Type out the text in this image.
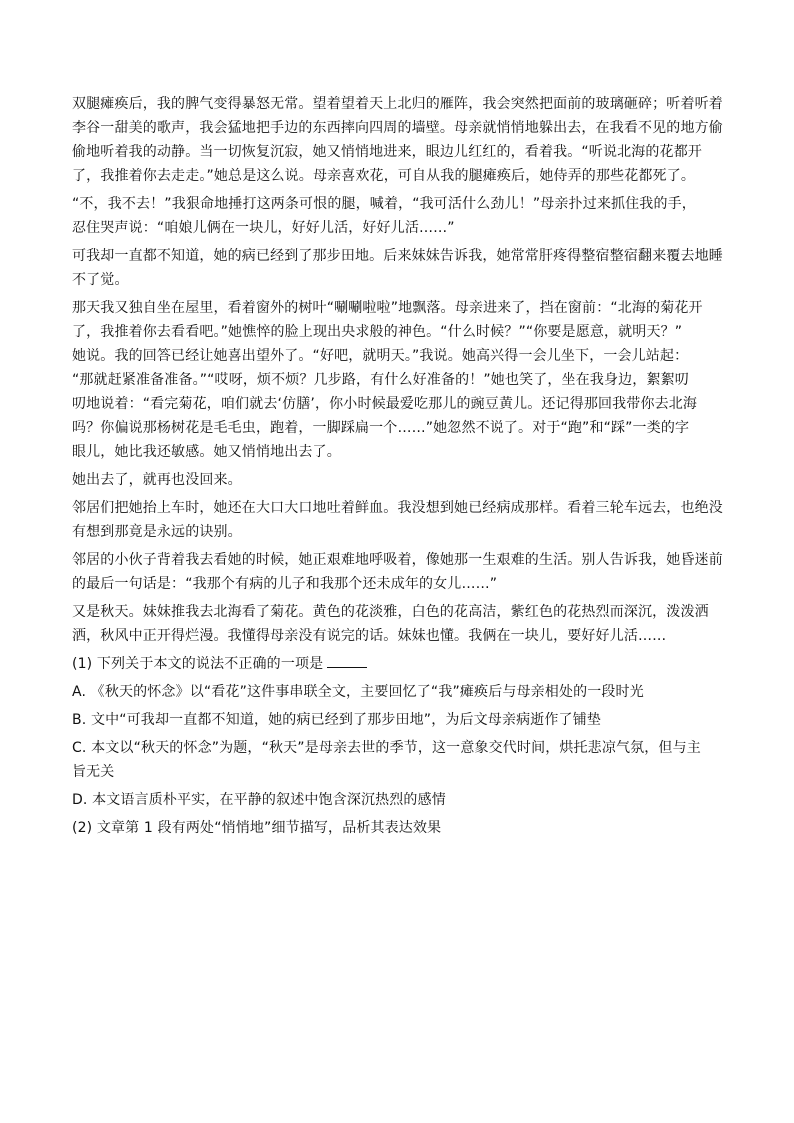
双腿瘫痪后，我的脾气变得暴怒无常。望着望着天上北归的雁阵，我会突然把面前的玻璃砸碎；听着听着
李谷一甜美的歌声，我会猛地把手边的东西摔向四周的墙壁。母亲就悄悄地躲出去，在我看不见的地方偷
偷地听着我的动静。当一切恢复沉寂，她又悄悄地进来，眼边儿红红的，看着我。“听说北海的花都开
了，我推着你去走走。”她总是这么说。母亲喜欢花，可自从我的腿瘫痪后，她侍弄的那些花都死了。
“不，我不去！”我狠命地捶打这两条可恨的腿，喊着，“我可活什么劲儿！”母亲扑过来抓住我的手，
忍住哭声说：“咱娘儿俩在一块儿，好好儿活，好好儿活……”
可我却一直都不知道，她的病已经到了那步田地。后来妹妹告诉我，她常常肝疼得整宿整宿翻来覆去地睡
不了觉。
那天我又独自坐在屋里，看着窗外的树叶“唰唰啦啦”地飘落。母亲进来了，挡在窗前：“北海的菊花开
了，我推着你去看看吧。”她憔悴的脸上现出央求般的神色。“什么时候？”“你要是愿意，就明天？”
她说。我的回答已经让她喜出望外了。“好吧，就明天。”我说。她高兴得一会儿坐下，一会儿站起：
“那就赶紧准备准备。”“哎呀，烦不烦？几步路，有什么好准备的！”她也笑了，坐在我身边，絮絮叨
叨地说着：“看完菊花，咱们就去‘仿膳’，你小时候最爱吃那儿的豌豆黄儿。还记得那回我带你去北海
吗？你偏说那杨树花是毛毛虫，跑着，一脚踩扁一个……”她忽然不说了。对于“跑”和“踩”一类的字
眼儿，她比我还敏感。她又悄悄地出去了。
她出去了，就再也没回来。
邻居们把她抬上车时，她还在大口大口地吐着鲜血。我没想到她已经病成那样。看着三轮车远去，也绝没
有想到那竟是永远的诀别。
邻居的小伙子背着我去看她的时候，她正艰难地呼吸着，像她那一生艰难的生活。别人告诉我，她昏迷前
的最后一句话是：“我那个有病的儿子和我那个还未成年的女儿……”
又是秋天。妹妹推我去北海看了菊花。黄色的花淡雅，白色的花高洁，紫红色的花热烈而深沉，泼泼洒
洒，秋风中正开得烂漫。我懂得母亲没有说完的话。妹妹也懂。我俩在一块儿，要好好儿活……
(1) 下列关于本文的说法不正确的一项是
A. 《秋天的怀念》以“看花”这件事串联全文，主要回忆了“我”瘫痪后与母亲相处的一段时光
B. 文中“可我却一直都不知道，她的病已经到了那步田地”，为后文母亲病逝作了铺垫
C. 本文以“秋天的怀念”为题，“秋天”是母亲去世的季节，这一意象交代时间，烘托悲凉气氛，但与主
旨无关
D. 本文语言质朴平实，在平静的叙述中饱含深沉热烈的感情
(2) 文章第 1 段有两处“悄悄地”细节描写，品析其表达效果
